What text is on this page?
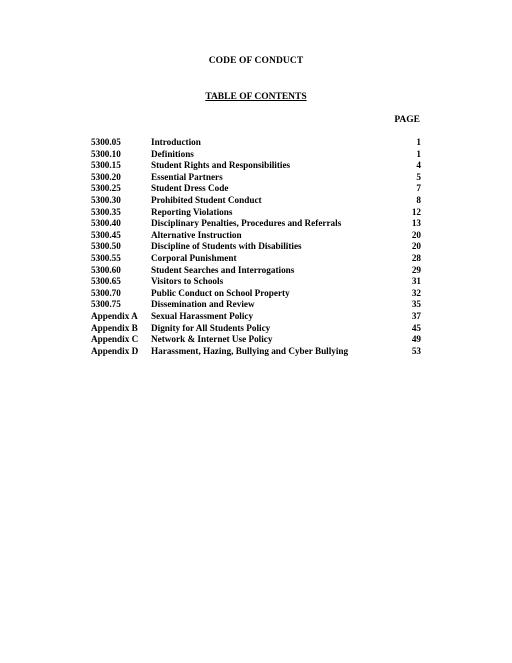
CODE OF CONDUCT
TABLE OF CONTENTS
PAGE
5300.05	Introduction	1
5300.10	Definitions	1
5300.15	Student Rights and Responsibilities	4
5300.20	Essential Partners	5
5300.25	Student Dress Code	7
5300.30	Prohibited Student Conduct	8
5300.35	Reporting Violations	12
5300.40	Disciplinary Penalties, Procedures and Referrals	13
5300.45	Alternative Instruction	20
5300.50	Discipline of Students with Disabilities	20
5300.55	Corporal Punishment	28
5300.60	Student Searches and Interrogations	29
5300.65	Visitors to Schools	31
5300.70	Public Conduct on School Property	32
5300.75	Dissemination and Review	35
Appendix A	Sexual Harassment Policy	37
Appendix B	Dignity for All Students Policy	45
Appendix C	Network & Internet Use Policy	49
Appendix D	Harassment, Hazing, Bullying and Cyber Bullying	53
